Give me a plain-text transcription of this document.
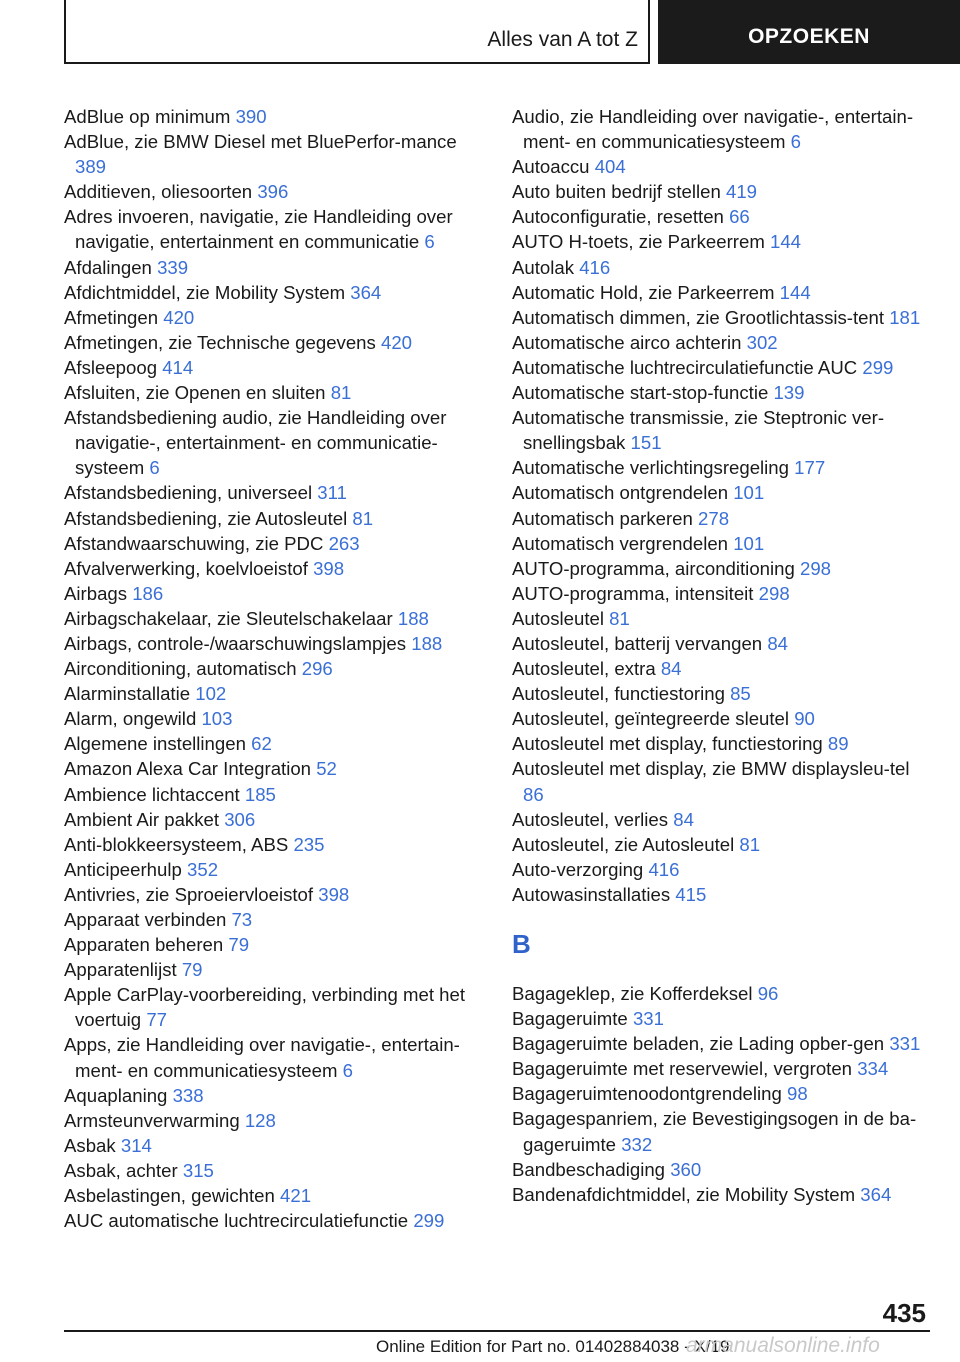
Alles van A tot Z	OPZOEKEN
AdBlue op minimum 390
AdBlue, zie BMW Diesel met BluePerfor-mance 389
Additieven, oliesoorten 396
Adres invoeren, navigatie, zie Handleiding over navigatie, entertainment en communicatie 6
Afdalingen 339
Afdichtmiddel, zie Mobility System 364
Afmetingen 420
Afmetingen, zie Technische gegevens 420
Afsleepoog 414
Afsluiten, zie Openen en sluiten 81
Afstandsbediening audio, zie Handleiding over navigatie-, entertainment- en communicatie-systeem 6
Afstandsbediening, universeel 311
Afstandsbediening, zie Autosleutel 81
Afstandwaarschuwing, zie PDC 263
Afvalverwerking, koelvloeistof 398
Airbags 186
Airbagschakelaar, zie Sleutelschakelaar 188
Airbags, controle-/waarschuwingslampjes 188
Airconditioning, automatisch 296
Alarminstallatie 102
Alarm, ongewild 103
Algemene instellingen 62
Amazon Alexa Car Integration 52
Ambience lichtaccent 185
Ambient Air pakket 306
Anti-blokkeersysteem, ABS 235
Anticipeerhulp 352
Antivries, zie Sproeiervloeistof 398
Apparaat verbinden 73
Apparaten beheren 79
Apparatenlijst 79
Apple CarPlay-voorbereiding, verbinding met het voertuig 77
Apps, zie Handleiding over navigatie-, entertain-ment- en communicatiesysteem 6
Aquaplaning 338
Armsteunverwarming 128
Asbak 314
Asbak, achter 315
Asbelastingen, gewichten 421
AUC automatische luchtrecirculatiefunctie 299
Audio, zie Handleiding over navigatie-, entertain-ment- en communicatiesysteem 6
Autoaccu 404
Auto buiten bedrijf stellen 419
Autoconfiguratie, resetten 66
AUTO H-toets, zie Parkeerrem 144
Autolak 416
Automatic Hold, zie Parkeerrem 144
Automatisch dimmen, zie Grootlichtassis-tent 181
Automatische airco achterin 302
Automatische luchtrecirculatiefunctie AUC 299
Automatische start-stop-functie 139
Automatische transmissie, zie Steptronic ver-snellingsbak 151
Automatische verlichtingsregeling 177
Automatisch ontgrendelen 101
Automatisch parkeren 278
Automatisch vergrendelen 101
AUTO-programma, airconditioning 298
AUTO-programma, intensiteit 298
Autosleutel 81
Autosleutel, batterij vervangen 84
Autosleutel, extra 84
Autosleutel, functiestoring 85
Autosleutel, geïntegreerde sleutel 90
Autosleutel met display, functiestoring 89
Autosleutel met display, zie BMW displaysleu-tel 86
Autosleutel, verlies 84
Autosleutel, zie Autosleutel 81
Auto-verzorging 416
Autowasinstallaties 415
B
Bagageklep, zie Kofferdeksel 96
Bagageruimte 331
Bagageruimte beladen, zie Lading opber-gen 331
Bagageruimte met reservewiel, vergroten 334
Bagageruimtenoodontgrendeling 98
Bagagespanriem, zie Bevestigingsogen in de ba-gageruimte 332
Bandbeschadiging 360
Bandenafdichtmiddel, zie Mobility System 364
435
Online Edition for Part no. 01402884038 - X/19
armanualsonline.info
